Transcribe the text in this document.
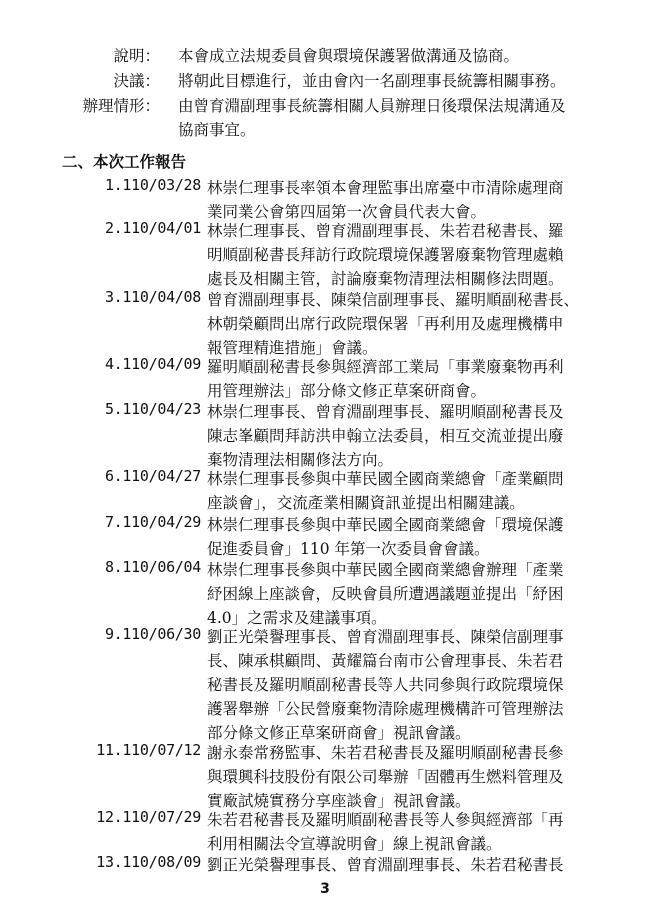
說明： 本會成立法規委員會與環境保護署做溝通及協商。
決議： 將朝此目標進行，並由會內一名副理事長統籌相關事務。
辦理情形： 由曾育淵副理事長統籌相關人員辦理日後環保法規溝通及
協商事宜。
二、本次工作報告
1.110/03/28 林崇仁理事長率領本會理監事出席臺中市清除處理商
業同業公會第四屆第一次會員代表大會。
2.110/04/01 林崇仁理事長、曾育淵副理事長、朱若君秘書長、羅
明順副秘書長拜訪行政院環境保護署廢棄物管理處賴
處長及相關主管，討論廢棄物清理法相關修法問題。
3.110/04/08 曾育淵副理事長、陳榮信副理事長、羅明順副秘書長、
林朝榮顧問出席行政院環保署「再利用及處理機構申
報管理精進措施」會議。
4.110/04/09 羅明順副秘書長參與經濟部工業局「事業廢棄物再利
用管理辦法」部分條文修正草案研商會。
5.110/04/23 林崇仁理事長、曾育淵副理事長、羅明順副秘書長及
陳志峯顧問拜訪洪申翰立法委員，相互交流並提出廢
棄物清理法相關修法方向。
6.110/04/27 林崇仁理事長參與中華民國全國商業總會「產業顧問
座談會」，交流產業相關資訊並提出相關建議。
7.110/04/29 林崇仁理事長參與中華民國全國商業總會「環境保護
促進委員會」110 年第一次委員會會議。
8.110/06/04 林崇仁理事長參與中華民國全國商業總會辦理「產業
紓困線上座談會，反映會員所遭遇議題並提出「紓困
4.0」之需求及建議事項。
9.110/06/30 劉正光榮譽理事長、曾育淵副理事長、陳榮信副理事
長、陳承棋顧問、黃耀篇台南市公會理事長、朱若君
秘書長及羅明順副秘書長等人共同參與行政院環境保
護署舉辦「公民營廢棄物清除處理機構許可管理辦法
部分條文修正草案研商會」視訊會議。
11.110/07/12 謝永泰常務監事、朱若君秘書長及羅明順副秘書長參
與環興科技股份有限公司舉辦「固體再生燃料管理及
實廠試燒實務分享座談會」視訊會議。
12.110/07/29 朱若君秘書長及羅明順副秘書長等人參與經濟部「再
利用相關法令宣導說明會」線上視訊會議。
13.110/08/09 劉正光榮譽理事長、曾育淵副理事長、朱若君秘書長
3
